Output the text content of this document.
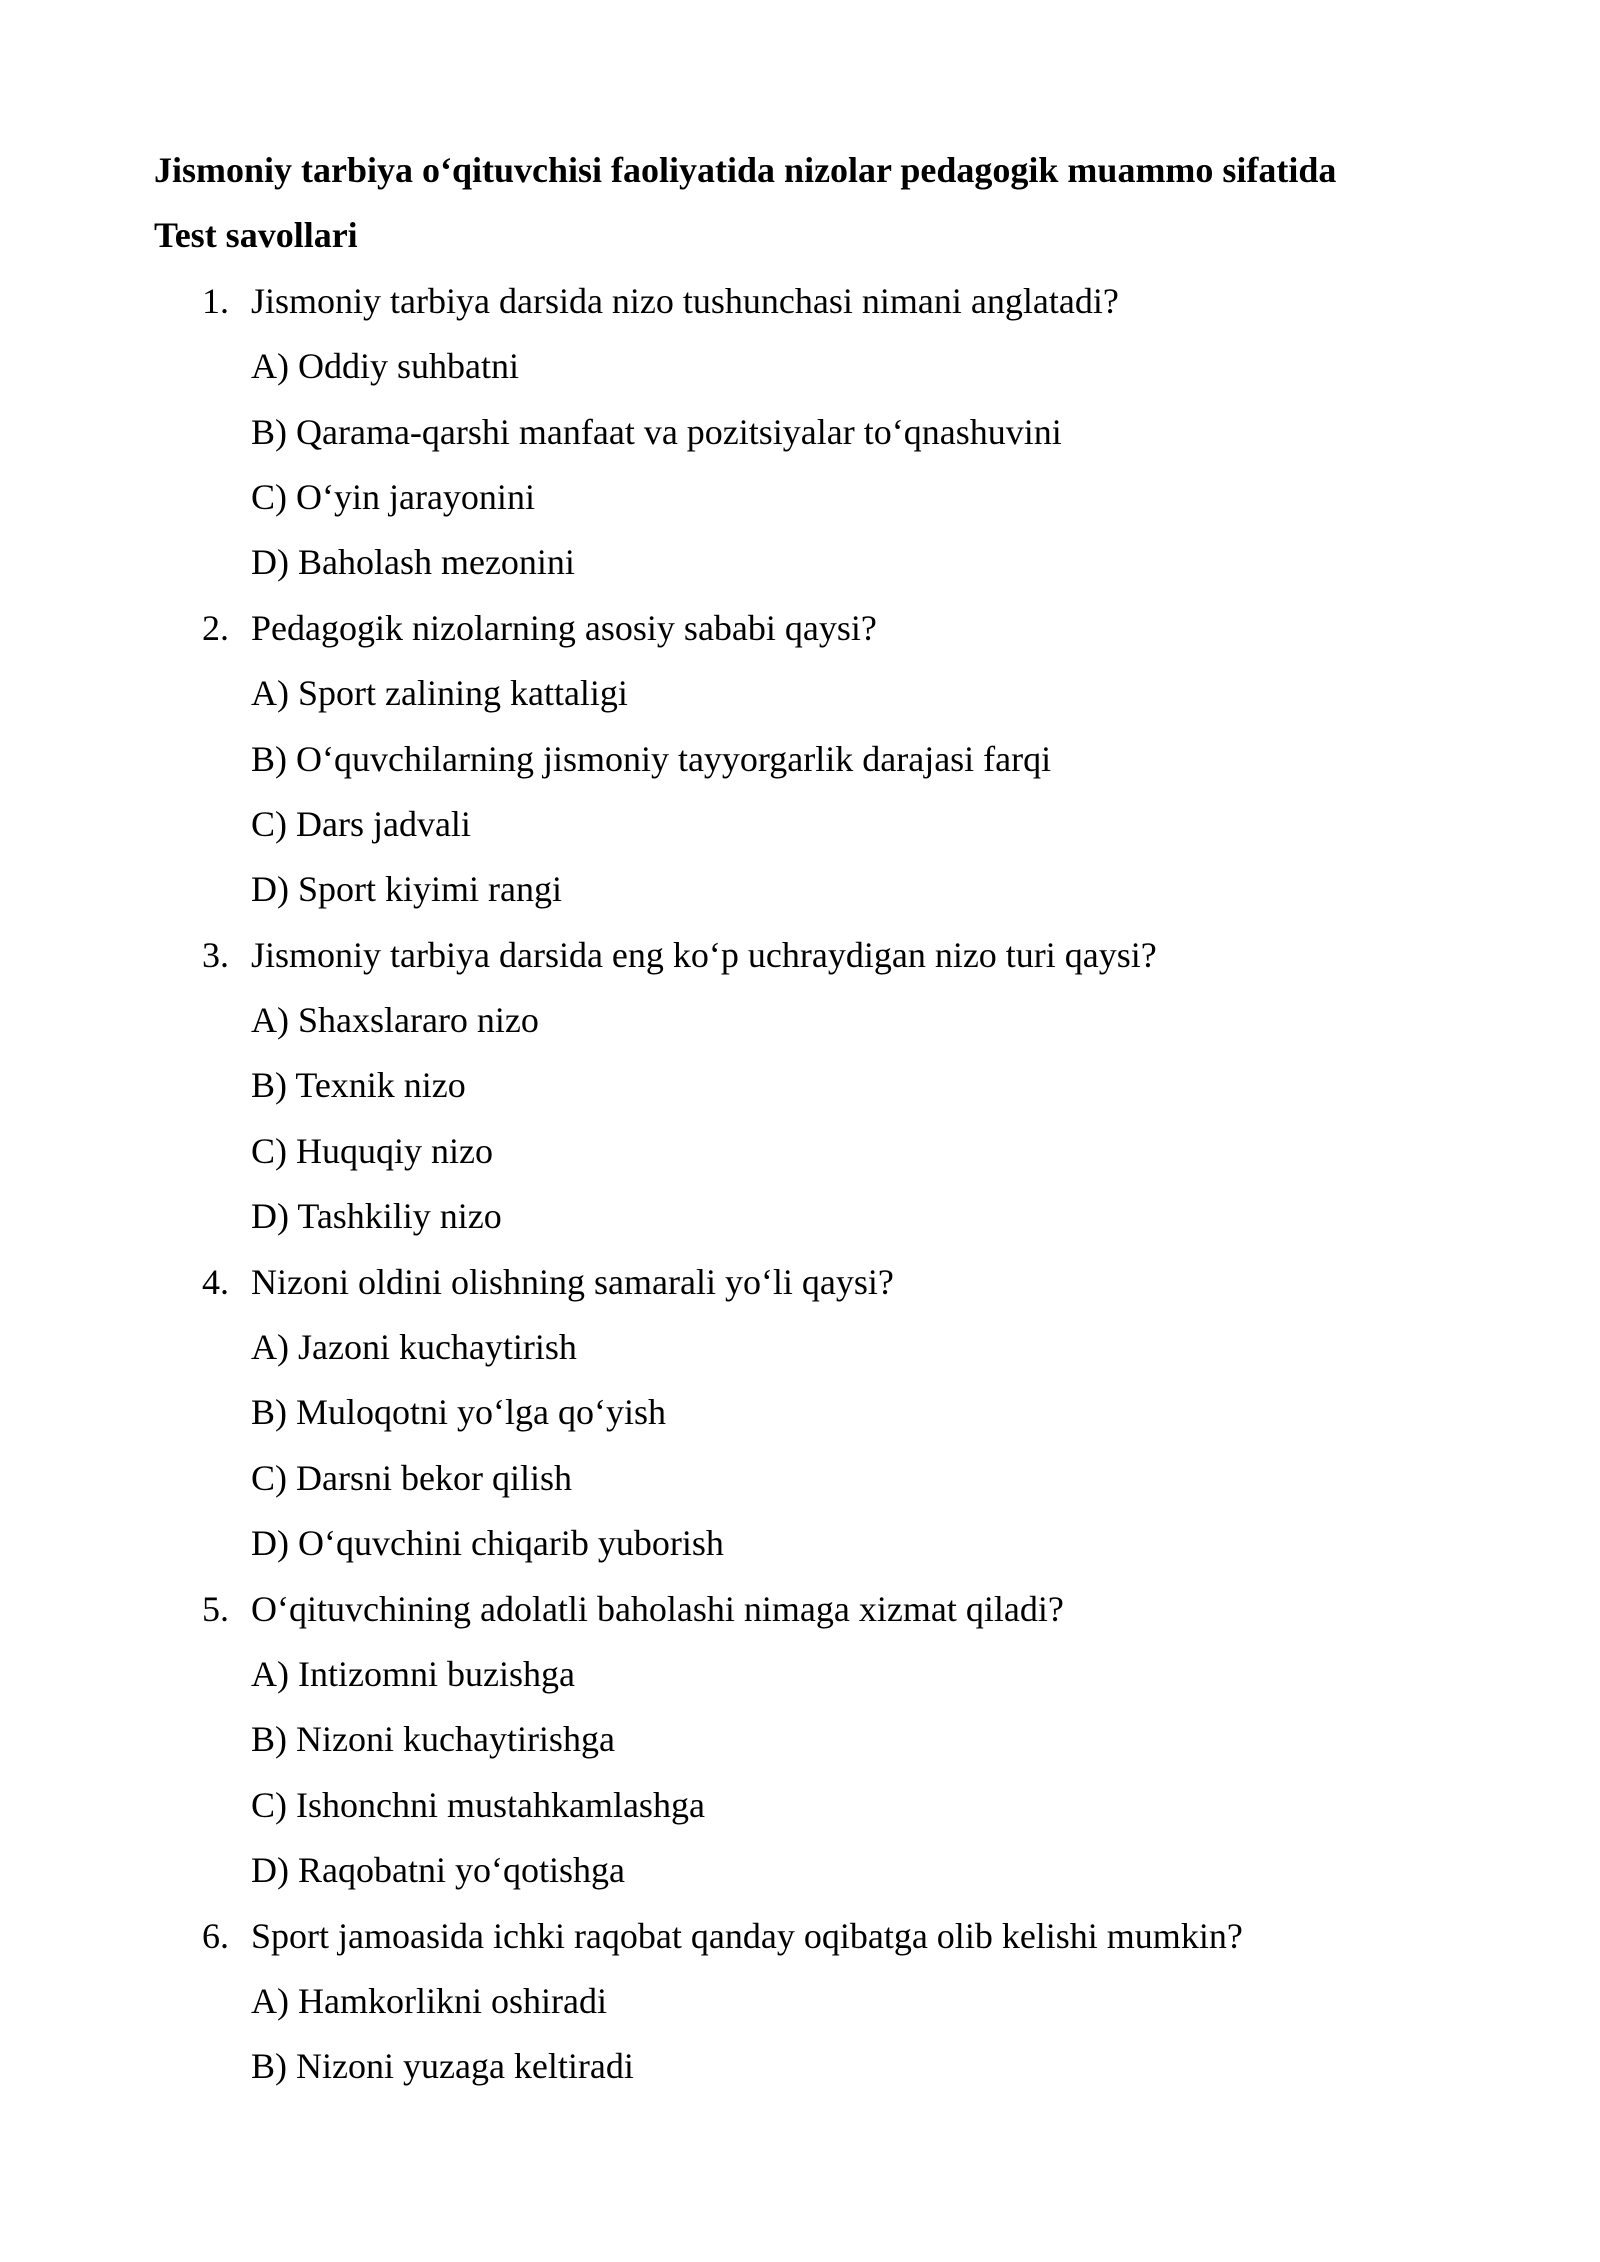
Jismoniy tarbiya o‘qituvchisi faoliyatida nizolar pedagogik muammo sifatida
Test savollari
1. Jismoniy tarbiya darsida nizo tushunchasi nimani anglatadi?
A) Oddiy suhbatni
B) Qarama-qarshi manfaat va pozitsiyalar to‘qnashuvini
C) O‘yin jarayonini
D) Baholash mezonini
2. Pedagogik nizolarning asosiy sababi qaysi?
A) Sport zalining kattaligi
B) O‘quvchilarning jismoniy tayyorgarlik darajasi farqi
C) Dars jadvali
D) Sport kiyimi rangi
3. Jismoniy tarbiya darsida eng ko‘p uchraydigan nizo turi qaysi?
A) Shaxslararo nizo
B) Texnik nizo
C) Huquqiy nizo
D) Tashkiliy nizo
4. Nizoni oldini olishning samarali yo‘li qaysi?
A) Jazoni kuchaytirish
B) Muloqotni yo‘lga qo‘yish
C) Darsni bekor qilish
D) O‘quvchini chiqarib yuborish
5. O‘qituvchining adolatli baholashi nimaga xizmat qiladi?
A) Intizomni buzishga
B) Nizoni kuchaytirishga
C) Ishonchni mustahkamlashga
D) Raqobatni yo‘qotishga
6. Sport jamoasida ichki raqobat qanday oqibatga olib kelishi mumkin?
A) Hamkorlikni oshiradi
B) Nizoni yuzaga keltiradi
